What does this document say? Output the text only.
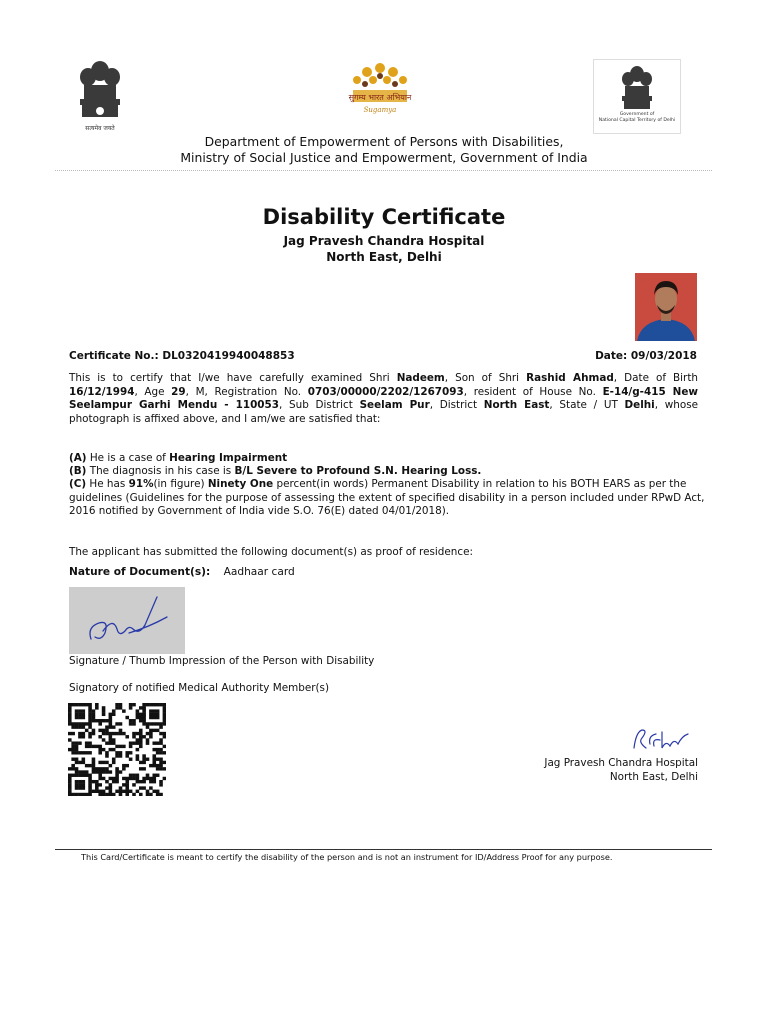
सत्यमेव जयते
सुगम्य भारत अभियान
Sugamya
Government of
National Capital Territory of Delhi
Department of Empowerment of Persons with Disabilities,
Ministry of Social Justice and Empowerment, Government of India
Disability Certificate
Jag Pravesh Chandra Hospital
North East, Delhi
Certificate No.: DL0320419940048853	Date: 09/03/2018
This is to certify that I/we have carefully examined Shri Nadeem, Son of Shri Rashid Ahmad, Date of Birth 16/12/1994, Age 29, M, Registration No. 0703/00000/2202/1267093, resident of House No. E-14/g-415 New Seelampur Garhi Mendu - 110053, Sub District Seelam Pur, District North East, State / UT Delhi, whose photograph is affixed above, and I am/we are satisfied that:

(A) He is a case of Hearing Impairment

(B) The diagnosis in his case is B/L Severe to Profound S.N. Hearing Loss.

(C) He has 91%(in figure) Ninety One percent(in words) Permanent Disability in relation to his BOTH EARS as per the guidelines (Guidelines for the purpose of assessing the extent of specified disability in a person included under RPwD Act, 2016 notified by Government of India vide S.O. 76(E) dated 04/01/2018).

The applicant has submitted the following document(s) as proof of residence:
Nature of Document(s): Aadhaar card
Signature / Thumb Impression of the Person with Disability
Signatory of notified Medical Authority Member(s)
Jag Pravesh Chandra Hospital
North East, Delhi
This Card/Certificate is meant to certify the disability of the person and is not an instrument for ID/Address Proof for any purpose.
